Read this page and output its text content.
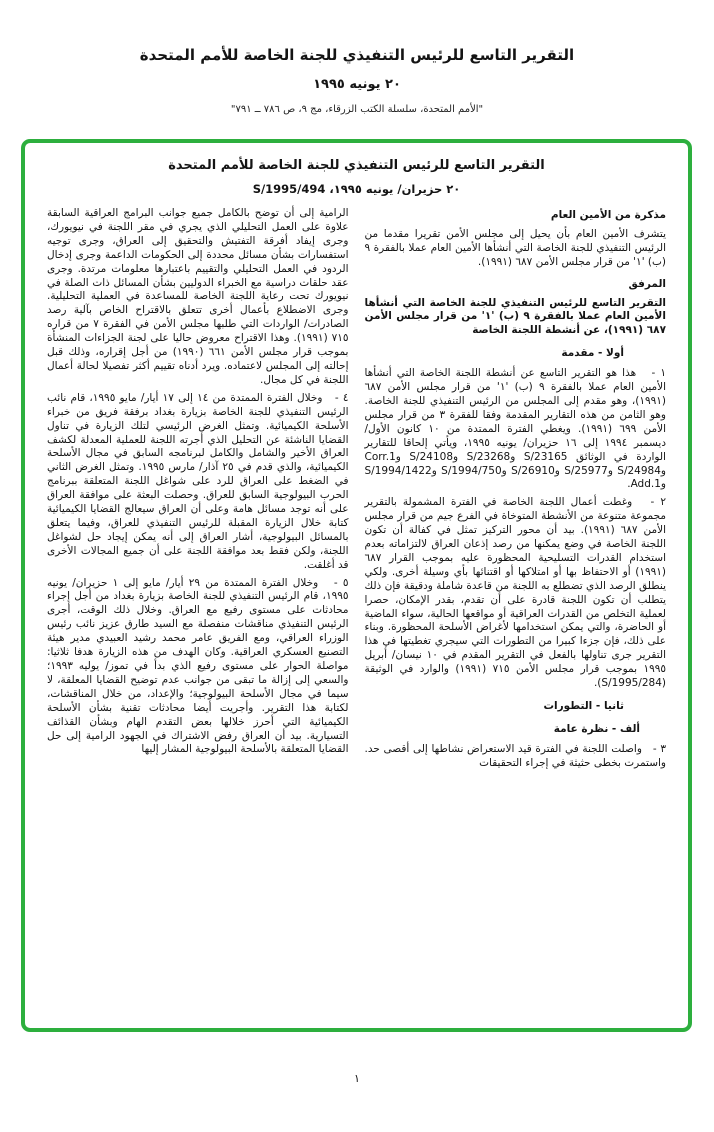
التقرير التاسع للرئيس التنفيذي للجنة الخاصة للأمم المتحدة
٢٠ يونيه ١٩٩٥
"الأمم المتحدة، سلسلة الكتب الزرقاء، مج ٩، ص ٧٨٦ ــ ٧٩١"
التقرير التاسع للرئيس التنفيذي للجنة الخاصة للأمم المتحدة
٢٠ حزيران/ يونيه ١٩٩٥، S/1995/494
مذكرة من الأمين العام

يتشرف الأمين العام بأن يحيل إلى مجلس الأمن تقريرا مقدما من الرئيس التنفيذي للجنة الخاصة التي أنشأها الأمين العام عملا بالفقرة ٩ (ب) '١' من قرار مجلس الأمن ٦٨٧ (١٩٩١).

المرفق

التقرير التاسع للرئيس التنفيذي للجنة الخاصة التي أنشأها الأمين العام عملا بالفقرة ٩ (ب) '١' من قرار مجلس الأمن ٦٨٧ (١٩٩١)، عن أنشطة اللجنة الخاصة

أولا - مقدمة

١ -   هذا هو التقرير التاسع عن أنشطة اللجنة الخاصة التي أنشأها الأمين العام عملا بالفقرة ٩ (ب) '١' من قرار مجلس الأمن ٦٨٧ (١٩٩١)، وهو مقدم إلى المجلس من الرئيس التنفيذي للجنة الخاصة. وهو الثامن من هذه التقارير المقدمة وفقا للفقرة ٣ من قرار مجلس الأمن ٦٩٩ (١٩٩١). ويغطي الفترة الممتدة من ١٠ كانون الأول/ ديسمبر ١٩٩٤ إلى ١٦ حزيران/ يونيه ١٩٩٥، ويأتي إلحاقا للتقارير الواردة في الوثائق S/23165 وS/23268 وS/24108 وCorr.1 وS/24984 وS/25977 وS/26910 وS/1994/750 وS/1994/1422 وAdd.1.

٢ -   وغطت أعمال اللجنة الخاصة في الفترة المشمولة بالتقرير مجموعة متنوعة من الأنشطة المتوخاة في الفرع جيم من قرار مجلس الأمن ٦٨٧ (١٩٩١). بيد أن محور التركيز تمثل في كفالة أن تكون اللجنة الخاصة في وضع يمكنها من رصد إذعان العراق لالتزاماته بعدم استخدام القدرات التسليحية المحظورة عليه بموجب القرار ٦٨٧ (١٩٩١) أو الاحتفاظ بها أو امتلاكها أو اقتنائها بأي وسيلة أخرى. ولكي ينطلق الرصد الذي تضطلع به اللجنة من قاعدة شاملة ودقيقة فإن ذلك يتطلب أن تكون اللجنة قادرة على أن تقدم، بقدر الإمكان، حصرا لعملية التخلص من القدرات العراقية أو مواقعها الحالية، سواء الماضية أو الحاضرة، والتي يمكن استخدامها لأغراض الأسلحة المحظورة. وبناء على ذلك، فإن جزءا كبيرا من التطورات التي سيجري تغطيتها في هذا التقرير جرى تناولها بالفعل في التقرير المقدم في ١٠ نيسان/ أبريل ١٩٩٥ بموجب قرار مجلس الأمن ٧١٥ (١٩٩١) والوارد في الوثيقة (S/1995/284).

ثانيا - التطورات
ألف - نظرة عامة

٣ -   واصلت اللجنة في الفترة قيد الاستعراض نشاطها إلى أقصى حد. واستمرت بخطى حثيثة في إجراء التحقيقات

الرامية إلى أن توضح بالكامل جميع جوانب البرامج العراقية السابقة علاوة على العمل التحليلي الذي يجري في مقر اللجنة في نيويورك، وجرى إيفاد أفرقة التفتيش والتحقيق إلى العراق، وجرى توجيه استفسارات بشأن مسائل محددة إلى الحكومات الداعمة وجرى إدخال الردود في العمل التحليلي والتقييم باعتبارها معلومات مرتدة. وجرى عقد حلقات دراسية مع الخبراء الدوليين بشأن المسائل ذات الصلة في نيويورك تحت رعاية اللجنة الخاصة للمساعدة في العملية التحليلية. وجرى الاضطلاع بأعمال أخرى تتعلق بالاقتراح الخاص بآلية رصد الصادرات/ الواردات التي طلبها مجلس الأمن في الفقرة ٧ من قراره ٧١٥ (١٩٩١). وهذا الاقتراح معروض حاليا على لجنة الجزاءات المنشأة بموجب قرار مجلس الأمن ٦٦١ (١٩٩٠) من أجل إقراره، وذلك قبل إحالته إلى المجلس لاعتماده. ويرد أدناه تقييم أكثر تفصيلا لحالة أعمال اللجنة في كل مجال.

٤ -   وخلال الفترة الممتدة من ١٤ إلى ١٧ أيار/ مايو ١٩٩٥، قام نائب الرئيس التنفيذي للجنة الخاصة بزيارة بغداد برفقة فريق من خبراء الأسلحة الكيميائية. وتمثل الغرض الرئيسي لتلك الزيارة في تناول القضايا الناشئة عن التحليل الذي أجرته اللجنة للعملية المعدلة لكشف العراق الأخير والشامل والكامل لبرنامجه السابق في مجال الأسلحة الكيميائية، والذي قدم في ٢٥ آذار/ مارس ١٩٩٥. وتمثل الغرض الثاني في الضغط على العراق للرد على شواغل اللجنة المتعلقة ببرنامج الحرب البيولوجية السابق للعراق. وحصلت البعثة على موافقة العراق على أنه توجد مسائل هامة وعلى أن العراق سيعالج القضايا الكيميائية كتابة خلال الزيارة المقبلة للرئيس التنفيذي للعراق، وفيما يتعلق بالمسائل البيولوجية، أشار العراق إلى أنه يمكن إيجاد حل لشواغل اللجنة، ولكن فقط بعد موافقة اللجنة على أن جميع المجالات الأخرى قد أغلقت.

٥ -   وخلال الفترة الممتدة من ٢٩ أيار/ مايو إلى ١ حزيران/ يونيه ١٩٩٥، قام الرئيس التنفيذي للجنة الخاصة بزيارة بغداد من أجل إجراء محادثات على مستوى رفيع مع العراق. وخلال ذلك الوقت، أجرى الرئيس التنفيذي مناقشات منفصلة مع السيد طارق عزيز نائب رئيس الوزراء العراقي، ومع الفريق عامر محمد رشيد العبيدي مدير هيئة التصنيع العسكري العراقية. وكان الهدف من هذه الزيارة هدفا ثلاثيا: مواصلة الحوار على مستوى رفيع الذي بدأ في تموز/ يوليه ١٩٩٣؛ والسعي إلى إزالة ما تبقى من جوانب عدم توضيح القضايا المعلقة، لا سيما في مجال الأسلحة البيولوجية؛ والإعداد، من خلال المناقشات، لكتابة هذا التقرير. وأجريت أيضا محادثات تقنية بشأن الأسلحة الكيميائية التي أحرز خلالها بعض التقدم الهام وبشأن القذائف التسيارية. بيد أن العراق رفض الاشتراك في الجهود الرامية إلى حل القضايا المتعلقة بالأسلحة البيولوجية المشار إليها

١
